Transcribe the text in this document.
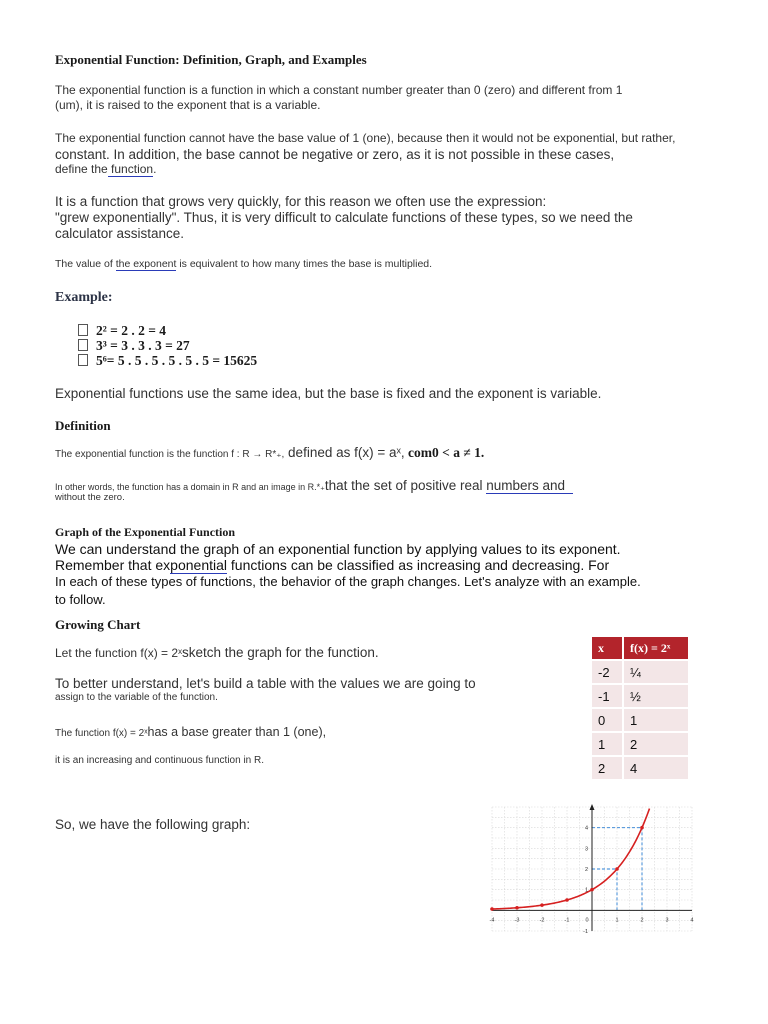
Exponential Function: Definition, Graph, and Examples
The exponential function is a function in which a constant number greater than 0 (zero) and different from 1
(um), it is raised to the exponent that is a variable.
The exponential function cannot have the base value of 1 (one), because then it would not be exponential, but rather,
constant. In addition, the base cannot be negative or zero, as it is not possible in these cases,
define the function.
It is a function that grows very quickly, for this reason we often use the expression:
"grew exponentially". Thus, it is very difficult to calculate functions of these types, so we need the
calculator assistance.
The value of the exponent is equivalent to how many times the base is multiplied.
Example:
2² = 2 . 2 = 4
3³ = 3 . 3 . 3 = 27
5⁶= 5 . 5 . 5 . 5 . 5 . 5 = 15625
Exponential functions use the same idea, but the base is fixed and the exponent is variable.
Definition
The exponential function is the function f : R → R*₊, defined as f(x) = aˣ, com0 < a ≠ 1.
In other words, the function has a domain in R and an image in R.*₊that the set of positive real numbers and
without the zero.
Graph of the Exponential Function
We can understand the graph of an exponential function by applying values to its exponent.
Remember that exponential functions can be classified as increasing and decreasing. For
In each of these types of functions, the behavior of the graph changes. Let's analyze with an example.
to follow.
Growing Chart
Let the function f(x) = 2ˣsketch the graph for the function.
To better understand, let's build a table with the values we are going to
assign to the variable of the function.
The function f(x) = 2ˣhas a base greater than 1 (one),
it is an increasing and continuous function in R.
So, we have the following graph:
x	f(x) = 2ˣ
-2	¼
-1	½
0	1
1	2
2	4
-4	-3	-2	-1	0	1	2	3	4
-1
1
2
3
4
